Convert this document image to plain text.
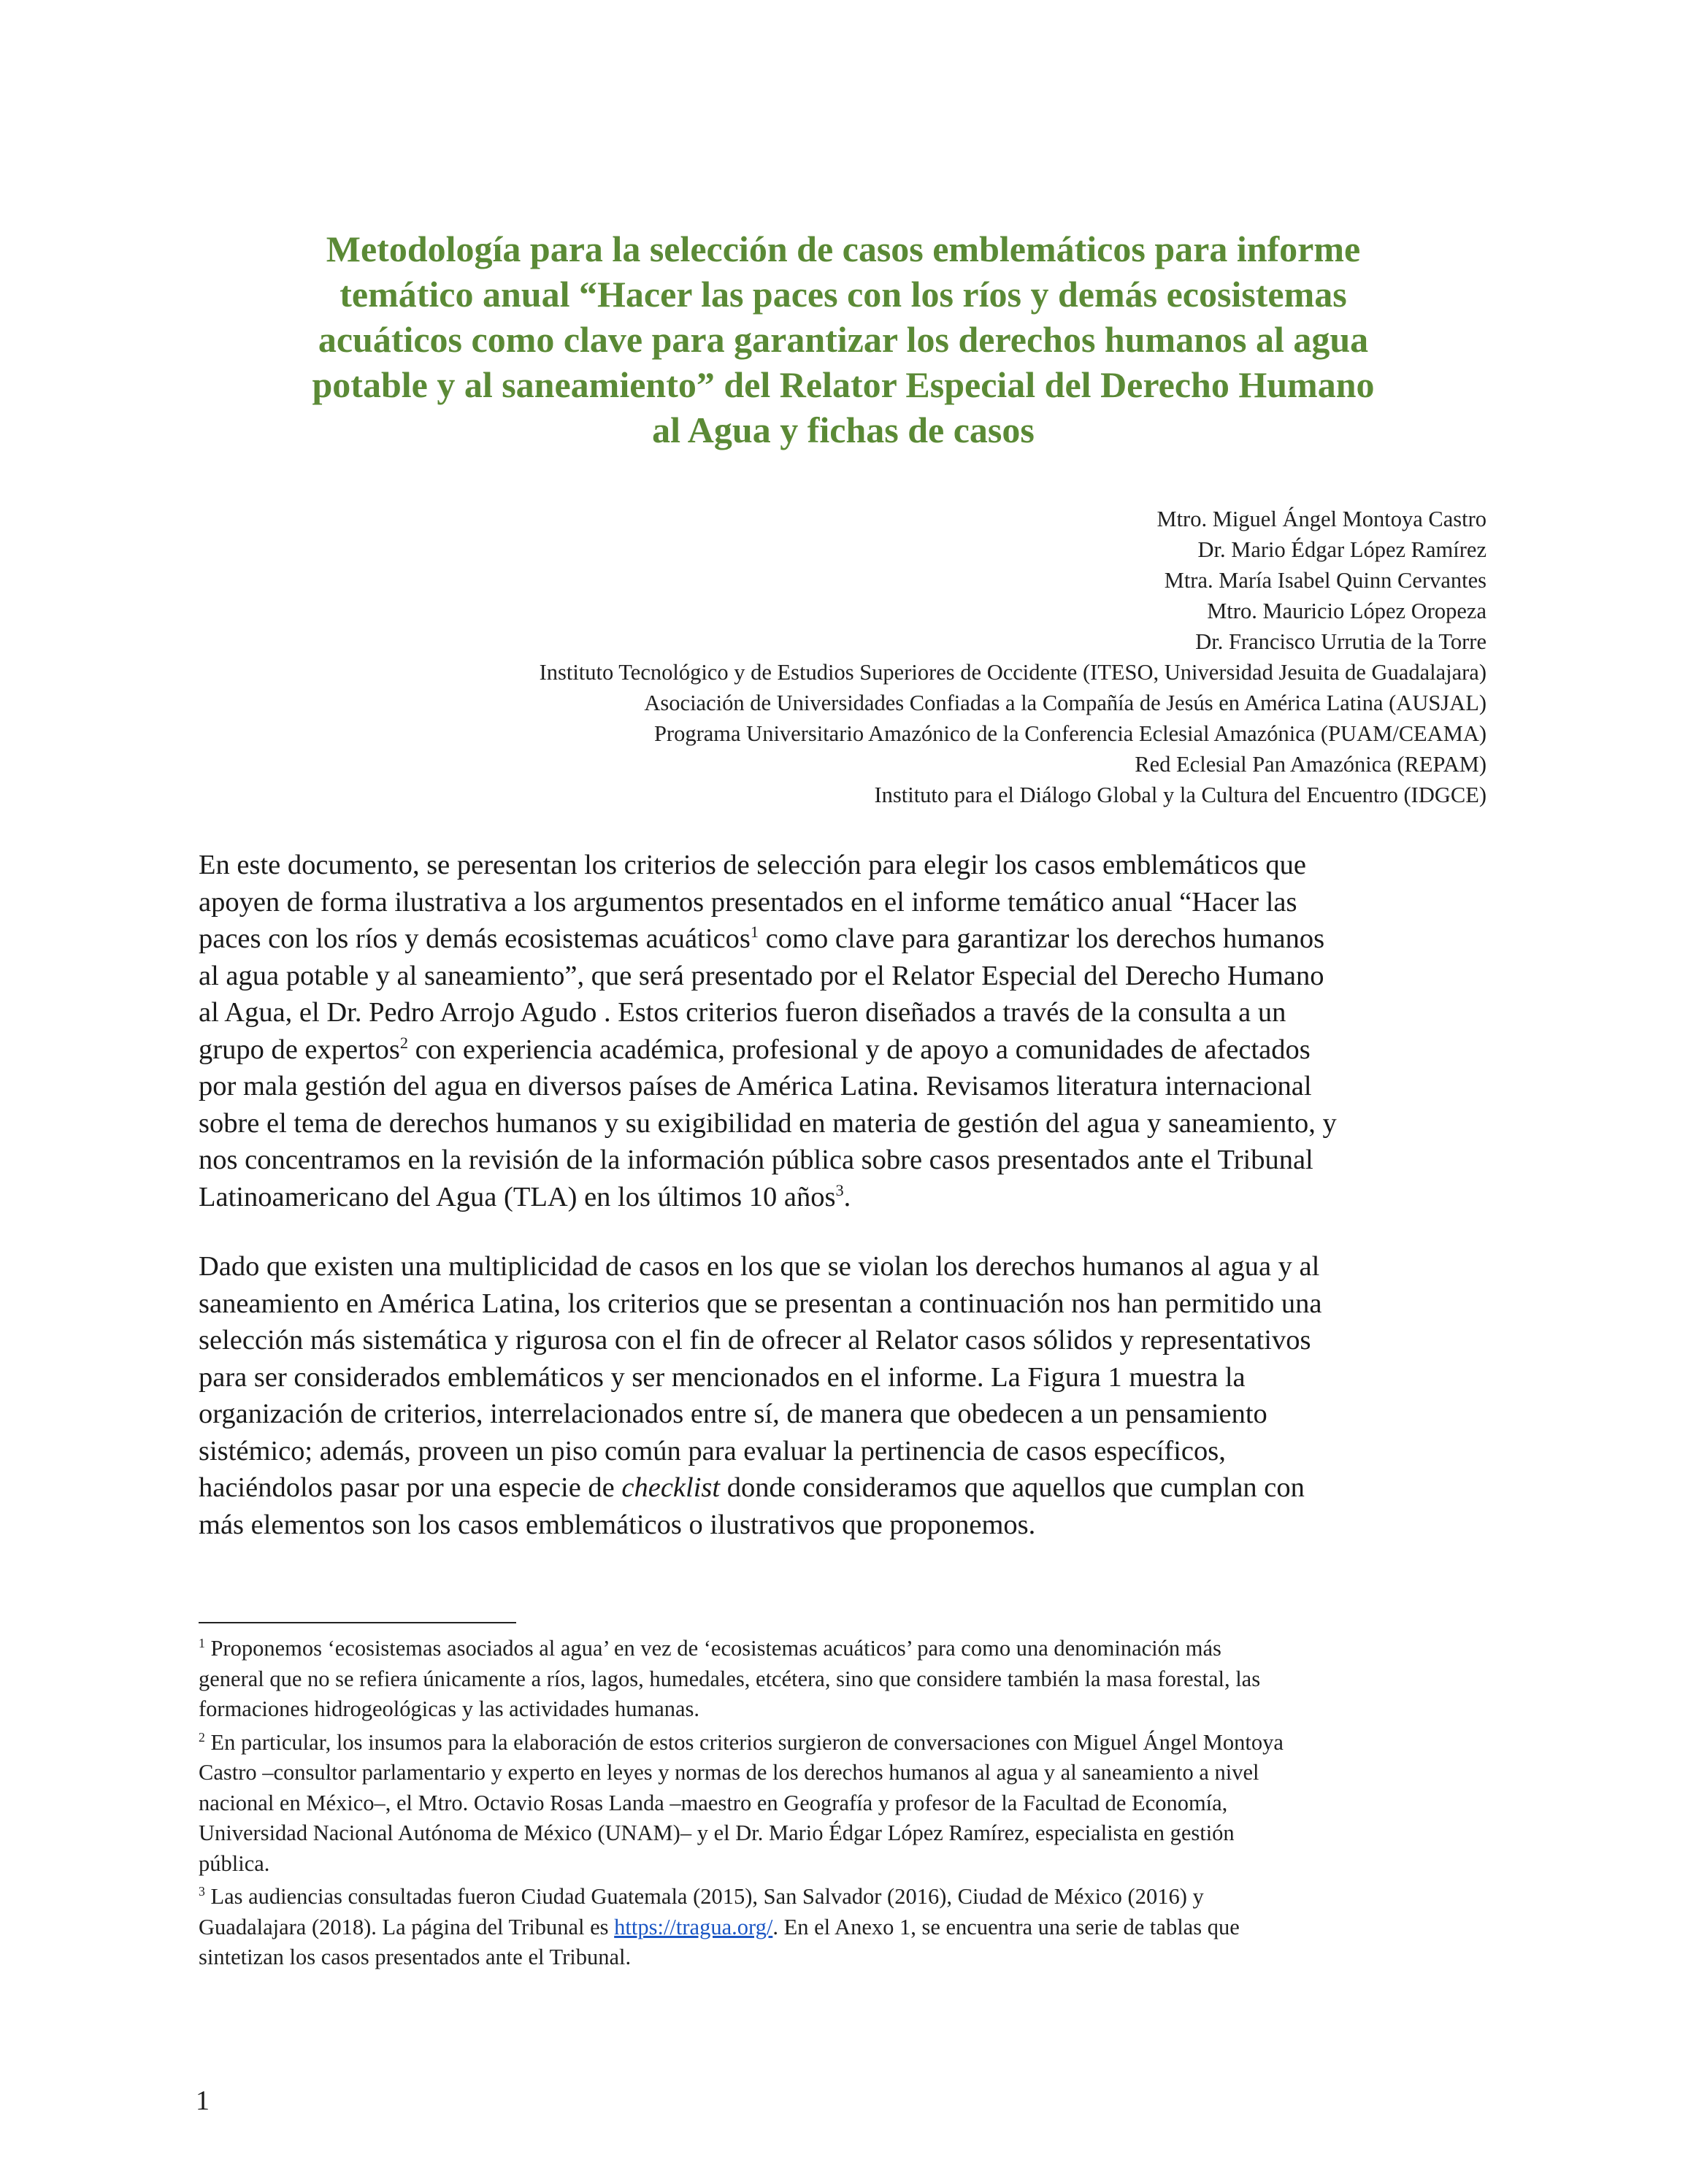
Metodología para la selección de casos emblemáticos para informe
temático anual “Hacer las paces con los ríos y demás ecosistemas
acuáticos como clave para garantizar los derechos humanos al agua
potable y al saneamiento” del Relator Especial del Derecho Humano
al Agua y fichas de casos
Mtro. Miguel Ángel Montoya Castro
Dr. Mario Édgar López Ramírez
Mtra. María Isabel Quinn Cervantes
Mtro. Mauricio López Oropeza
Dr. Francisco Urrutia de la Torre
Instituto Tecnológico y de Estudios Superiores de Occidente (ITESO, Universidad Jesuita de Guadalajara)
Asociación de Universidades Confiadas a la Compañía de Jesús en América Latina (AUSJAL)
Programa Universitario Amazónico de la Conferencia Eclesial Amazónica (PUAM/CEAMA)
Red Eclesial Pan Amazónica (REPAM)
Instituto para el Diálogo Global y la Cultura del Encuentro (IDGCE)
En este documento, se peresentan los criterios de selección para elegir los casos emblemáticos que
apoyen de forma ilustrativa a los argumentos presentados en el informe temático anual “Hacer las
paces con los ríos y demás ecosistemas acuáticos$^1$ como clave para garantizar los derechos humanos
al agua potable y al saneamiento”, que será presentado por el Relator Especial del Derecho Humano
al Agua, el Dr. Pedro Arrojo Agudo . Estos criterios fueron diseñados a través de la consulta a un
grupo de expertos$^2$ con experiencia académica, profesional y de apoyo a comunidades de afectados
por mala gestión del agua en diversos países de América Latina. Revisamos literatura internacional
sobre el tema de derechos humanos y su exigibilidad en materia de gestión del agua y saneamiento, y
nos concentramos en la revisión de la información pública sobre casos presentados ante el Tribunal
Latinoamericano del Agua (TLA) en los últimos 10 años$^3$.
Dado que existen una multiplicidad de casos en los que se violan los derechos humanos al agua y al
saneamiento en América Latina, los criterios que se presentan a continuación nos han permitido una
selección más sistemática y rigurosa con el fin de ofrecer al Relator casos sólidos y representativos
para ser considerados emblemáticos y ser mencionados en el informe. La Figura 1 muestra la
organización de criterios, interrelacionados entre sí, de manera que obedecen a un pensamiento
sistémico; además, proveen un piso común para evaluar la pertinencia de casos específicos,
haciéndolos pasar por una especie de checklist donde consideramos que aquellos que cumplan con
más elementos son los casos emblemáticos o ilustrativos que proponemos.
$^1$ Proponemos ‘ecosistemas asociados al agua’ en vez de ‘ecosistemas acuáticos’ para como una denominación más
general que no se refiera únicamente a ríos, lagos, humedales, etcétera, sino que considere también la masa forestal, las
formaciones hidrogeológicas y las actividades humanas.
$^2$ En particular, los insumos para la elaboración de estos criterios surgieron de conversaciones con Miguel Ángel Montoya
Castro –consultor parlamentario y experto en leyes y normas de los derechos humanos al agua y al saneamiento a nivel
nacional en México–, el Mtro. Octavio Rosas Landa –maestro en Geografía y profesor de la Facultad de Economía,
Universidad Nacional Autónoma de México (UNAM)– y el Dr. Mario Édgar López Ramírez, especialista en gestión
pública.
$^3$ Las audiencias consultadas fueron Ciudad Guatemala (2015), San Salvador (2016), Ciudad de México (2016) y
Guadalajara (2018). La página del Tribunal es https://tragua.org/. En el Anexo 1, se encuentra una serie de tablas que
sintetizan los casos presentados ante el Tribunal.
1
